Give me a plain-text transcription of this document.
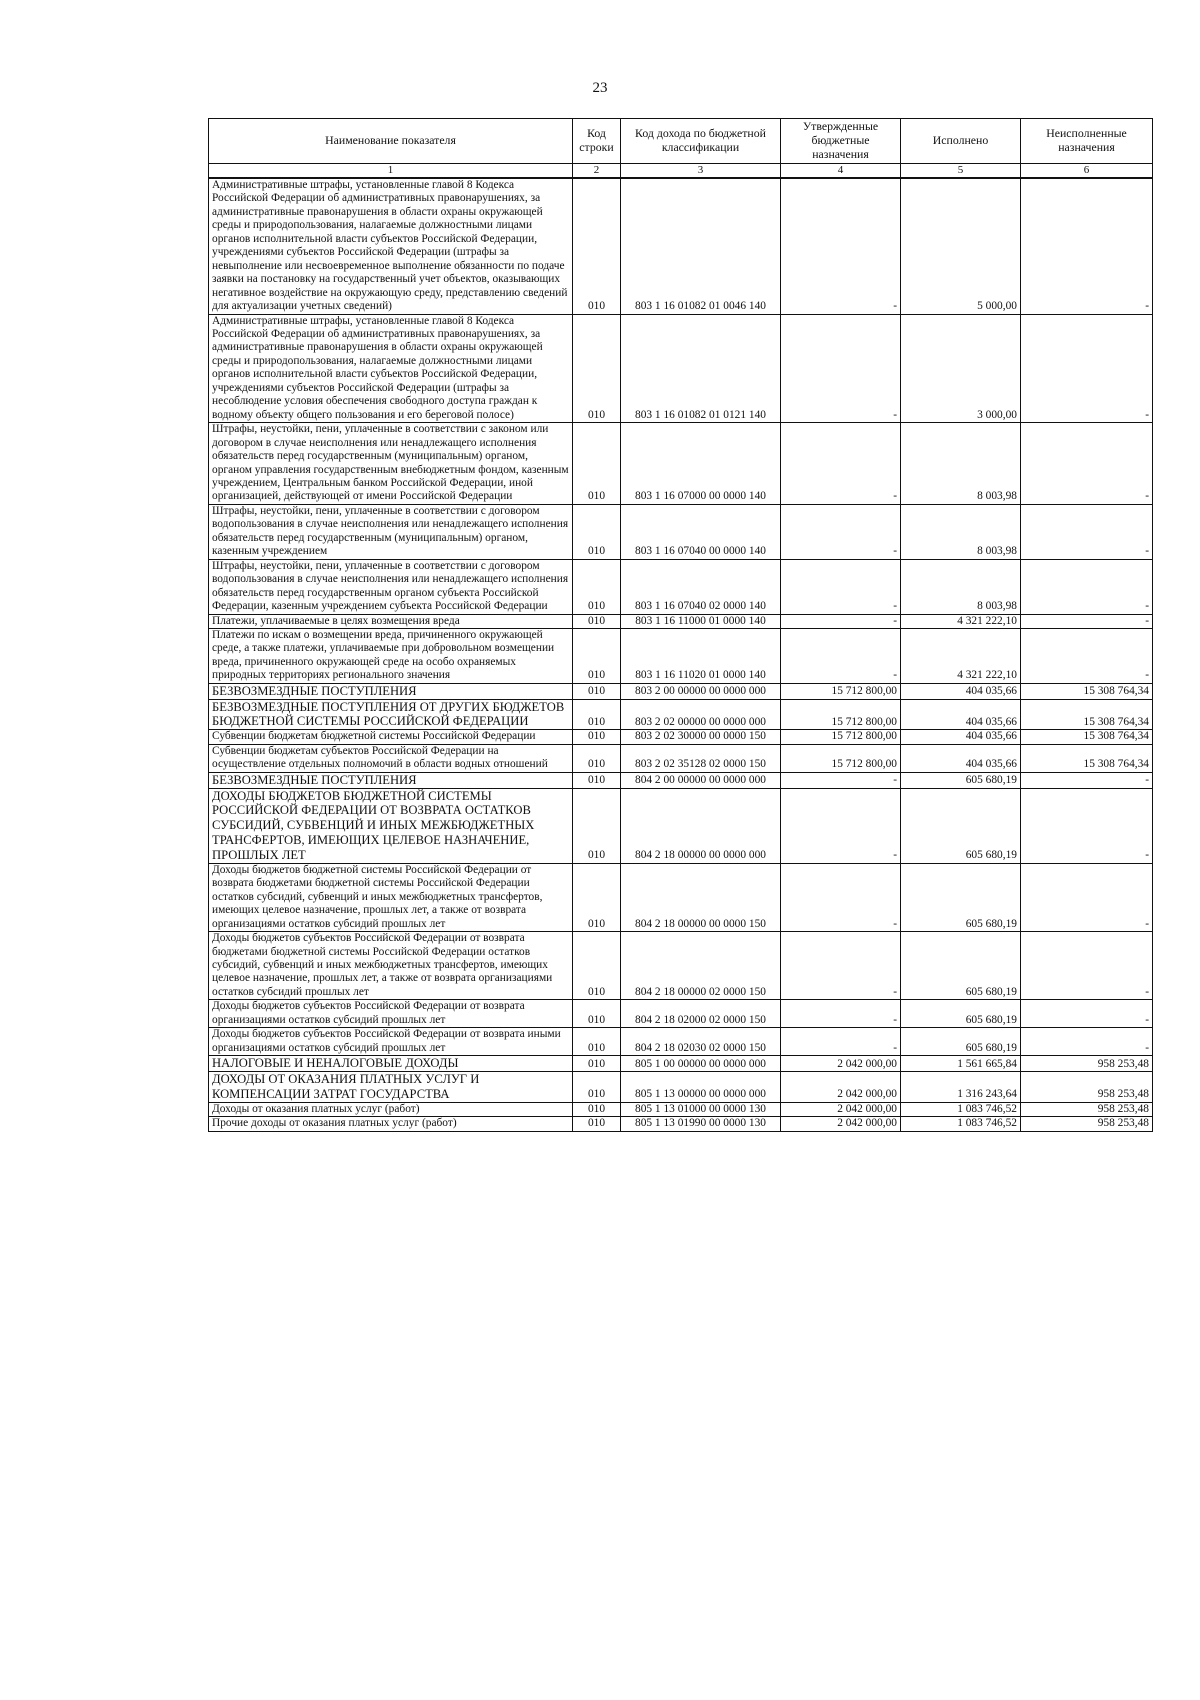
23
Наименование показателя	Код строки	Код дохода по бюджетной классификации	Утвержденные бюджетные назначения	Исполнено	Неисполненные назначения
1	2	3	4	5	6
Административные штрафы, установленные главой 8 Кодекса Российской Федерации об административных правонарушениях, за административные правонарушения в области охраны окружающей среды и природопользования, налагаемые должностными лицами органов исполнительной власти субъектов Российской Федерации, учреждениями субъектов Российской Федерации (штрафы за невыполнение или несвоевременное выполнение обязанности по подаче заявки на постановку на государственный учет объектов, оказывающих негативное воздействие на окружающую среду, представлению сведений для актуализации учетных сведений)	010	803 1 16 01082 01 0046 140	-	5 000,00	-
Административные штрафы, установленные главой 8 Кодекса Российской Федерации об административных правонарушениях, за административные правонарушения в области охраны окружающей среды и природопользования, налагаемые должностными лицами органов исполнительной власти субъектов Российской Федерации, учреждениями субъектов Российской Федерации (штрафы за несоблюдение условия обеспечения свободного доступа граждан к водному объекту общего пользования и его береговой полосе)	010	803 1 16 01082 01 0121 140	-	3 000,00	-
Штрафы, неустойки, пени, уплаченные в соответствии с законом или договором в случае неисполнения или ненадлежащего исполнения обязательств перед государственным (муниципальным) органом, органом управления государственным внебюджетным фондом, казенным учреждением, Центральным банком Российской Федерации, иной организацией, действующей от имени Российской Федерации	010	803 1 16 07000 00 0000 140	-	8 003,98	-
Штрафы, неустойки, пени, уплаченные в соответствии с договором водопользования в случае неисполнения или ненадлежащего исполнения обязательств перед государственным (муниципальным) органом, казенным учреждением	010	803 1 16 07040 00 0000 140	-	8 003,98	-
Штрафы, неустойки, пени, уплаченные в соответствии с договором водопользования в случае неисполнения или ненадлежащего исполнения обязательств перед государственным органом субъекта Российской Федерации, казенным учреждением субъекта Российской Федерации	010	803 1 16 07040 02 0000 140	-	8 003,98	-
Платежи, уплачиваемые в целях возмещения вреда	010	803 1 16 11000 01 0000 140	-	4 321 222,10	-
Платежи по искам о возмещении вреда, причиненного окружающей среде, а также платежи, уплачиваемые при добровольном возмещении вреда, причиненного окружающей среде на особо охраняемых природных территориях регионального значения	010	803 1 16 11020 01 0000 140	-	4 321 222,10	-
БЕЗВОЗМЕЗДНЫЕ ПОСТУПЛЕНИЯ	010	803 2 00 00000 00 0000 000	15 712 800,00	404 035,66	15 308 764,34
БЕЗВОЗМЕЗДНЫЕ ПОСТУПЛЕНИЯ ОТ ДРУГИХ БЮДЖЕТОВ БЮДЖЕТНОЙ СИСТЕМЫ РОССИЙСКОЙ ФЕДЕРАЦИИ	010	803 2 02 00000 00 0000 000	15 712 800,00	404 035,66	15 308 764,34
Субвенции бюджетам бюджетной системы Российской Федерации	010	803 2 02 30000 00 0000 150	15 712 800,00	404 035,66	15 308 764,34
Субвенции бюджетам субъектов Российской Федерации на осуществление отдельных полномочий в области водных отношений	010	803 2 02 35128 02 0000 150	15 712 800,00	404 035,66	15 308 764,34
БЕЗВОЗМЕЗДНЫЕ ПОСТУПЛЕНИЯ	010	804 2 00 00000 00 0000 000	-	605 680,19	-
ДОХОДЫ БЮДЖЕТОВ БЮДЖЕТНОЙ СИСТЕМЫ РОССИЙСКОЙ ФЕДЕРАЦИИ ОТ ВОЗВРАТА ОСТАТКОВ СУБСИДИЙ, СУБВЕНЦИЙ И ИНЫХ МЕЖБЮДЖЕТНЫХ ТРАНСФЕРТОВ, ИМЕЮЩИХ ЦЕЛЕВОЕ НАЗНАЧЕНИЕ, ПРОШЛЫХ ЛЕТ	010	804 2 18 00000 00 0000 000	-	605 680,19	-
Доходы бюджетов бюджетной системы Российской Федерации от возврата бюджетами бюджетной системы Российской Федерации остатков субсидий, субвенций и иных межбюджетных трансфертов, имеющих целевое назначение, прошлых лет, а также от возврата организациями остатков субсидий прошлых лет	010	804 2 18 00000 00 0000 150	-	605 680,19	-
Доходы бюджетов субъектов Российской Федерации от возврата бюджетами бюджетной системы Российской Федерации остатков субсидий, субвенций и иных межбюджетных трансфертов, имеющих целевое назначение, прошлых лет, а также от возврата организациями остатков субсидий прошлых лет	010	804 2 18 00000 02 0000 150	-	605 680,19	-
Доходы бюджетов субъектов Российской Федерации от возврата организациями остатков субсидий прошлых лет	010	804 2 18 02000 02 0000 150	-	605 680,19	-
Доходы бюджетов субъектов Российской Федерации от возврата иными организациями остатков субсидий прошлых лет	010	804 2 18 02030 02 0000 150	-	605 680,19	-
НАЛОГОВЫЕ И НЕНАЛОГОВЫЕ ДОХОДЫ	010	805 1 00 00000 00 0000 000	2 042 000,00	1 561 665,84	958 253,48
ДОХОДЫ ОТ ОКАЗАНИЯ ПЛАТНЫХ УСЛУГ И КОМПЕНСАЦИИ ЗАТРАТ ГОСУДАРСТВА	010	805 1 13 00000 00 0000 000	2 042 000,00	1 316 243,64	958 253,48
Доходы от оказания платных услуг (работ)	010	805 1 13 01000 00 0000 130	2 042 000,00	1 083 746,52	958 253,48
Прочие доходы от оказания платных услуг (работ)	010	805 1 13 01990 00 0000 130	2 042 000,00	1 083 746,52	958 253,48
